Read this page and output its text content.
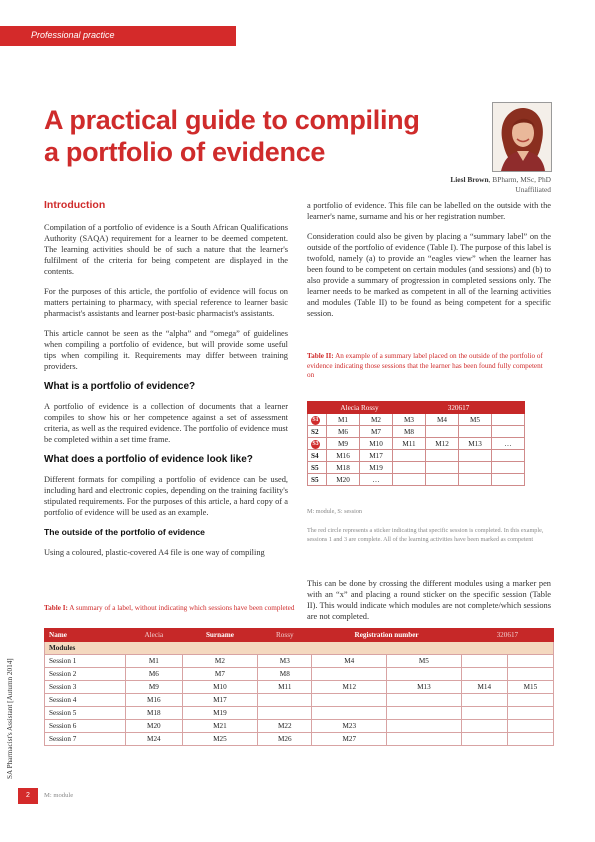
Professional practice
A practical guide to compiling
a portfolio of evidence
Liesl Brown, BPharm, MSc, PhD
Unaffiliated
Introduction

Compilation of a portfolio of evidence is a South African Qualifications Authority (SAQA) requirement for a learner to be deemed competent. The learning activities should be of such a nature that the learner's fulfilment of the criteria for being competent are displayed in the contents.

For the purposes of this article, the portfolio of evidence will focus on matters pertaining to pharmacy, with special reference to learner basic pharmacist's assistants and learner post-basic pharmacist's assistants.

This article cannot be seen as the “alpha” and “omega” of guidelines when compiling a portfolio of evidence, but will provide some useful tips when compiling it. Requirements may differ between training providers.

What is a portfolio of evidence?

A portfolio of evidence is a collection of documents that a learner compiles to show his or her competence against a set of assessment criteria, as well as the required evidence. The portfolio of evidence must be completed within a set time frame.

What does a portfolio of evidence look like?

Different formats for compiling a portfolio of evidence can be used, including hard and electronic copies, depending on the training facility's stipulated requirements. For the purposes of this article, a hard copy of a portfolio of evidence will be used as an example.

The outside of the portfolio of evidence

Using a coloured, plastic-covered A4 file is one way of compiling

a portfolio of evidence. This file can be labelled on the outside with the learner's name, surname and his or her registration number.

Consideration could also be given by placing a “summary label” on the outside of the portfolio of evidence (Table I). The purpose of this label is twofold, namely (a) to provide an “eagles view” when the learner has been found to be competent on certain modules (and sessions) and (b) to also provide a summary of progression in completed sessions only. The learner needs to be marked as competent in all of the learning activities and modules (Table II) to be found as being competent for a specific session.

Table II: An example of a summary label placed on the outside of the portfolio of evidence indicating those sessions that the learner has been found fully competent on
	Alecia Rossy		320617			
S1	M1	M2	M3	M4	M5	
S2	M6	M7	M8			
S3	M9	M10	M11	M12	M13	…
S4	M16	M17				
S5	M18	M19				
S5	M20	…				
M: module, S: session
The red circle represents a sticker indicating that specific session is completed. In this example, sessions 1 and 3 are complete. All of the learning activities have been marked as competent

This can be done by crossing the different modules using a marker pen with an “x” and placing a round sticker on the specific session (Table II). This would indicate which modules are not complete/which sessions are not completed.

Table I: A summary of a label, without indicating which sessions have been completed
Name	Alecia	Surname	Rossy	Registration number		320617	
Modules							
Session 1	M1	M2	M3	M4	M5		
Session 2	M6	M7	M8				
Session 3	M9	M10	M11	M12	M13	M14	M15
Session 4	M16	M17					
Session 5	M18	M19					
Session 6	M20	M21	M22	M23			
Session 7	M24	M25	M26	M27			
M: module
SA Pharmacist's Assistant [Autumn 2014]
2
